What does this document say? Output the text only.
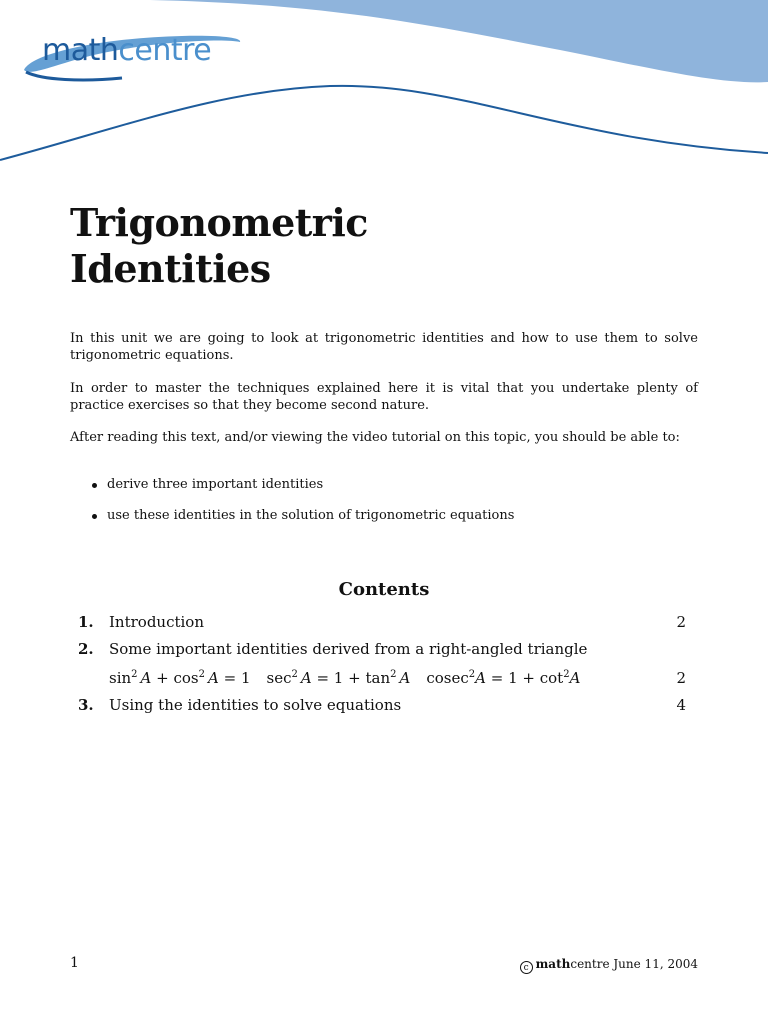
mathcentre
Trigonometric
Identities

In this unit we are going to look at trigonometric identities and how to use them to solve trigonometric equations.

In order to master the techniques explained here it is vital that you undertake plenty of practice exercises so that they become second nature.

After reading this text, and/or viewing the video tutorial on this topic, you should be able to:

derive three important identities
use these identities in the solution of trigonometric equations
Contents
1. Introduction	2
2. Some important identities derived from a right-angled triangle
$\sin^2 A + \cos^2 A = 1$ $\sec^2 A = 1 + \tan^2 A$ $cosec^2A = 1 + \cot^2A$	2
3. Using the identities to solve equations	4
1	c mathcentre June 11, 2004
